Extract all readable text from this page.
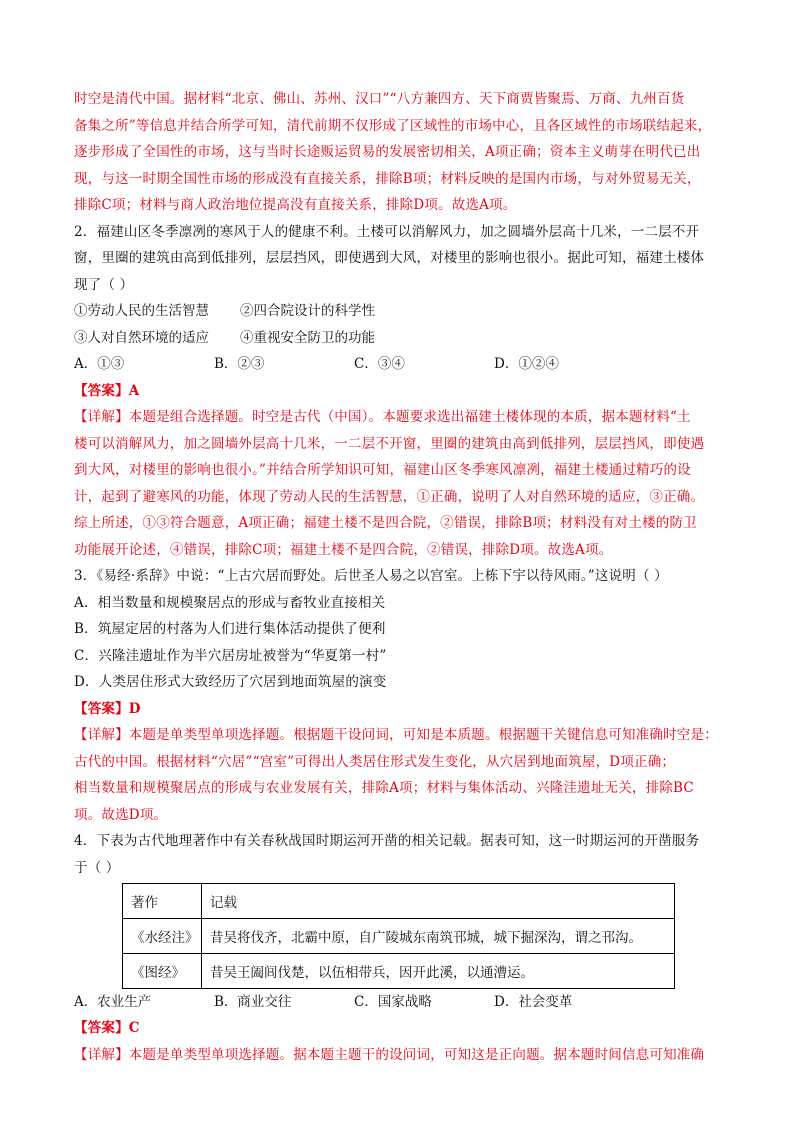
时空是清代中国。据材料“北京、佛山、苏州、汉口”“八方兼四方、天下商贾皆聚焉、万商、九州百货

备集之所”等信息并结合所学可知，清代前期不仅形成了区域性的市场中心，且各区域性的市场联结起来，

逐步形成了全国性的市场，这与当时长途贩运贸易的发展密切相关，A项正确；资本主义萌芽在明代已出

现，与这一时期全国性市场的形成没有直接关系，排除B项；材料反映的是国内市场，与对外贸易无关，

排除C项；材料与商人政治地位提高没有直接关系，排除D项。故选A项。

2．福建山区冬季凛冽的寒风于人的健康不利。土楼可以消解风力，加之圆墙外层高十几米，一二层不开

窗，里圈的建筑由高到低排列，层层挡风，即使遇到大风，对楼里的影响也很小。据此可知，福建土楼体

现了（ ）

①劳动人民的生活智慧	②四合院设计的科学性
③人对自然环境的适应	④重视安全防卫的功能
A．①③	B．②③	C．③④	D．①②④

【答案】A

【详解】本题是组合选择题。时空是古代（中国）。本题要求选出福建土楼体现的本质，据本题材料“土

楼可以消解风力，加之圆墙外层高十几米，一二层不开窗，里圈的建筑由高到低排列，层层挡风，即使遇

到大风，对楼里的影响也很小。”并结合所学知识可知，福建山区冬季寒风凛冽，福建土楼通过精巧的设

计，起到了避寒风的功能，体现了劳动人民的生活智慧，①正确，说明了人对自然环境的适应，③正确。

综上所述，①③符合题意，A项正确；福建土楼不是四合院，②错误，排除B项；材料没有对土楼的防卫

功能展开论述，④错误，排除C项；福建土楼不是四合院，②错误，排除D项。故选A项。

3．《易经·系辞》中说：“上古穴居而野处。后世圣人易之以宫室。上栋下宇以待风雨。”这说明（ ）

A．相当数量和规模聚居点的形成与畜牧业直接相关

B．筑屋定居的村落为人们进行集体活动提供了便利

C．兴隆洼遗址作为半穴居房址被誉为“华夏第一村”

D．人类居住形式大致经历了穴居到地面筑屋的演变

【答案】D

【详解】本题是单类型单项选择题。根据题干设问词，可知是本质题。根据题干关键信息可知准确时空是：

古代的中国。根据材料“穴居”“宫室”可得出人类居住形式发生变化，从穴居到地面筑屋，D项正确；

相当数量和规模聚居点的形成与农业发展有关，排除A项；材料与集体活动、兴隆洼遗址无关，排除BC

项。故选D项。

4．下表为古代地理著作中有关春秋战国时期运河开凿的相关记载。据表可知，这一时期运河的开凿服务

于（ ）

著作	记载
《水经注》	昔吴将伐齐，北霸中原，自广陵城东南筑邗城，城下掘深沟，谓之邗沟。
《图经》	昔吴王阖闾伐楚，以伍相带兵，因开此溪，以通漕运。
A．农业生产	B．商业交往	C．国家战略	D．社会变革

【答案】C

【详解】本题是单类型单项选择题。据本题主题干的设问词，可知这是正向题。据本题时间信息可知准确
